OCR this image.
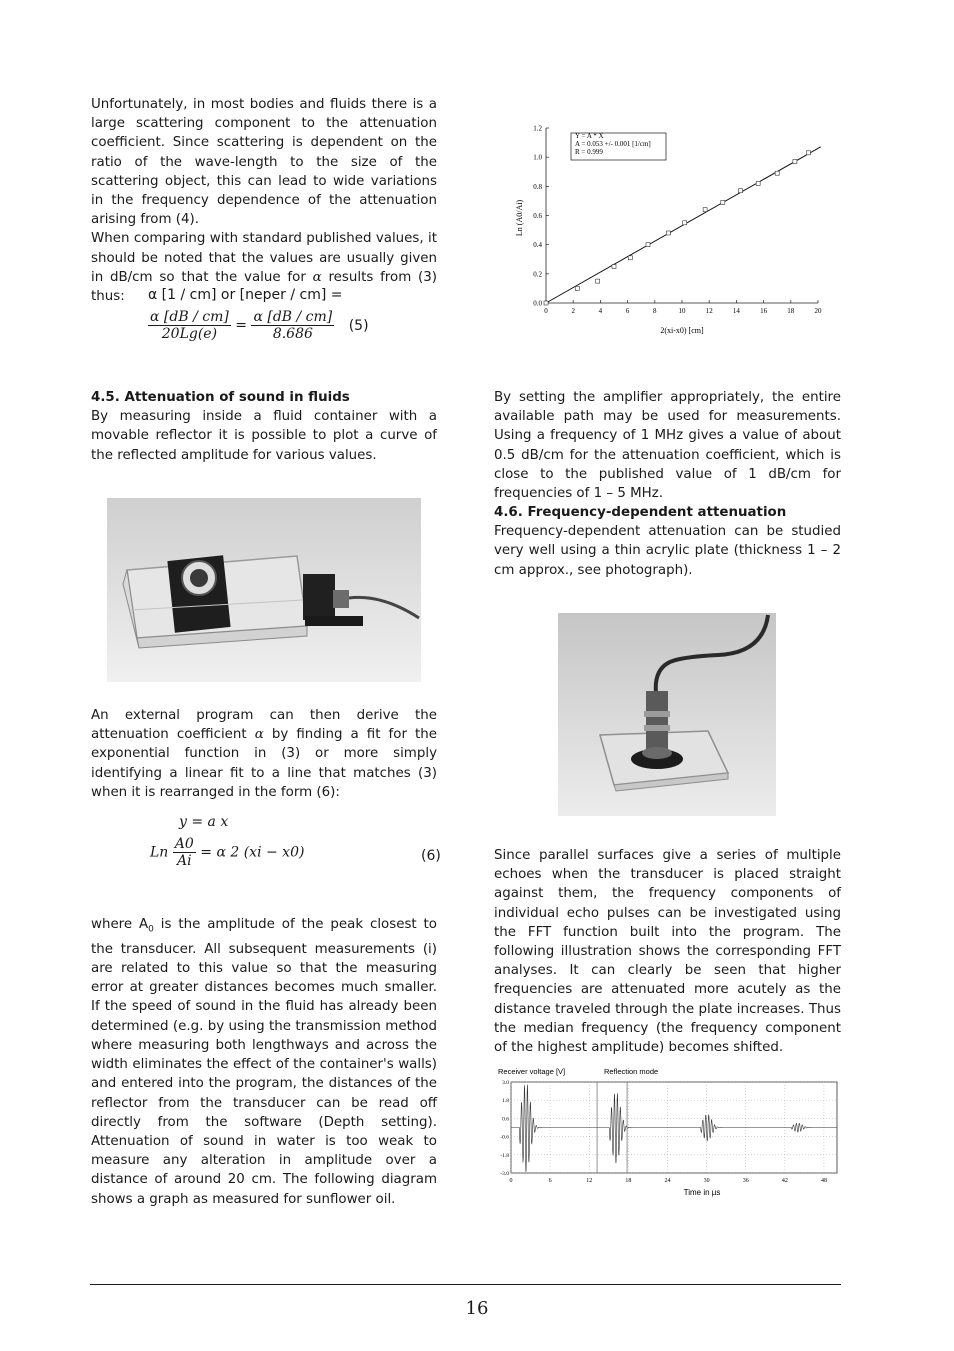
Unfortunately, in most bodies and fluids there is a large scattering component to the attenuation coefficient. Since scattering is dependent on the ratio of the wave-length to the size of the scattering object, this can lead to wide variations in the frequency dependence of the attenuation arising from (4).

When comparing with standard published values, it should be noted that the values are usually given in dB/cm so that the value for α results from (3) thus:	α [1 / cm] or [neper / cm] =
$\frac{\alpha [dB / cm]}{20Lg(e)} = \frac{\alpha [dB / cm]}{8.686} (5)$

4.5. Attenuation of sound in fluids

By measuring inside a fluid container with a movable reflector it is possible to plot a curve of the reflected amplitude for various values.

An external program can then derive the attenuation coefficient α by finding a fit for the exponential function in (3) or more simply identifying a linear fit to a line that matches (3) when it is rearranged in the form (6):

y = a x
Ln $\frac{A0}{Ai} = \alpha$ 2 (xi − x0)	(6)

where $A_0$ is the amplitude of the peak closest to the transducer. All subsequent measurements (i) are related to this value so that the measuring error at greater distances becomes much smaller. If the speed of sound in the fluid has already been determined (e.g. by using the transmission method where measuring both lengthways and across the width eliminates the effect of the container's walls) and entered into the program, the distances of the reflector from the transducer can be read off directly from the software (Depth setting). Attenuation of sound in water is too weak to measure any alteration in amplitude over a distance of around 20 cm. The following diagram shows a graph as measured for sunflower oil.

Y = A * X
A = 0.053 +/- 0.001 [1/cm]
R = 0.999
Ln (A0/Ai)
2(xi-x0) [cm]
0	2	4	6	8	10	12	14	16	18	20
0.0
0.2
0.4
0.6
0.8
1.0
1.2
By setting the amplifier appropriately, the entire available path may be used for measurements. Using a frequency of 1 MHz gives a value of about 0.5 dB/cm for the attenuation coefficient, which is close to the published value of 1 dB/cm for frequencies of 1 – 5 MHz.

4.6. Frequency-dependent attenuation

Frequency-dependent attenuation can be studied very well using a thin acrylic plate (thickness 1 – 2 cm approx., see photograph).

Since parallel surfaces give a series of multiple echoes when the transducer is placed straight against them, the frequency components of individual echo pulses can be investigated using the FFT function built into the program. The following illustration shows the corresponding FFT analyses. It can clearly be seen that higher frequencies are attenuated more acutely as the distance traveled through the plate increases. Thus the median frequency (the frequency component of the highest amplitude) becomes shifted.
Receiver voltage [V]	Reflection mode
Time in µs
0	6	12	18	24	30	36	42	48
3.0
1.8
0.6
-0.6
-1.8
-3.0
16
